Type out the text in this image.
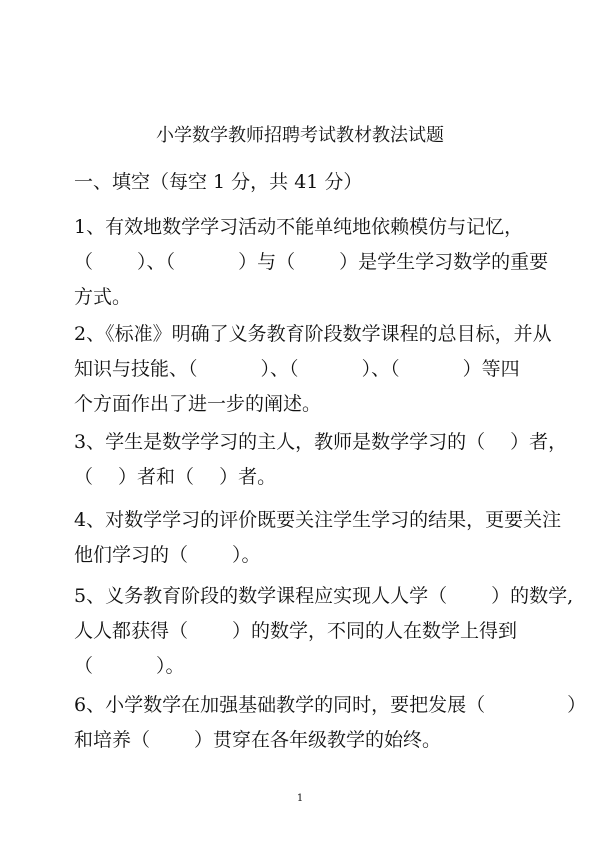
小学数学教师招聘考试教材教法试题
一、填空（每空 1 分，共 41 分）
1、有效地数学学习活动不能单纯地依赖模仿与记忆，
（　　 ）、（　　　 ）与（　　 ）是学生学习数学的重要
方式。
2、《标准》明确了义务教育阶段数学课程的总目标，并从
知识与技能、（　　　 ）、（　　　 ）、（　　　 ）等四
个方面作出了进一步的阐述。
3、学生是数学学习的主人，教师是数学学习的（　 ）者，
（　 ）者和（　 ）者。
4、对数学学习的评价既要关注学生学习的结果，更要关注
他们学习的（　　 ）。
5、义务教育阶段的数学课程应实现人人学（　　 ）的数学,
人人都获得（　　 ）的数学，不同的人在数学上得到
（　　　 ）。
6、小学数学在加强基础教学的同时，要把发展（　　　　 ）
和培养（　　 ）贯穿在各年级教学的始终。
1
